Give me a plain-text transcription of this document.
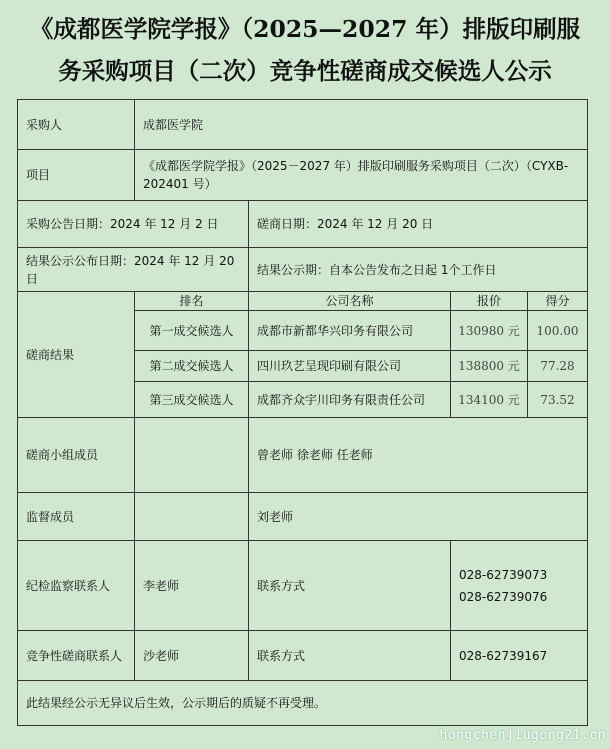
《成都医学院学报》（2025—2027 年）排版印刷服
务采购项目（二次）竞争性磋商成交候选人公示
采购人	成都医学院			
项目	《成都医学院学报》（2025－2027 年）排版印刷服务采购项目（二次）（CYXB-202401 号）			
采购公告日期：2024 年 12 月 2 日		磋商日期：2024 年 12 月 20 日		
结果公示公布日期：2024 年 12 月 20 日		结果公示期：自本公告发布之日起 1个工作日		
磋商结果	排名	公司名称	报价	得分
	第一成交候选人	成都市新都华兴印务有限公司	130980 元	100.00
	第二成交候选人	四川玖艺呈现印刷有限公司	138800 元	77.28
	第三成交候选人	成都齐众宇川印务有限责任公司	134100 元	73.52
磋商小组成员		曾老师 徐老师 任老师		
监督成员		刘老师		
纪检监察联系人	李老师	联系方式	028-62739073
028-62739076	

竞争性磋商联系人	沙老师	联系方式	028-62739167	
此结果经公示无异议后生效，公示期后的质疑不再受理。				
hongchenjiugong21.cn
